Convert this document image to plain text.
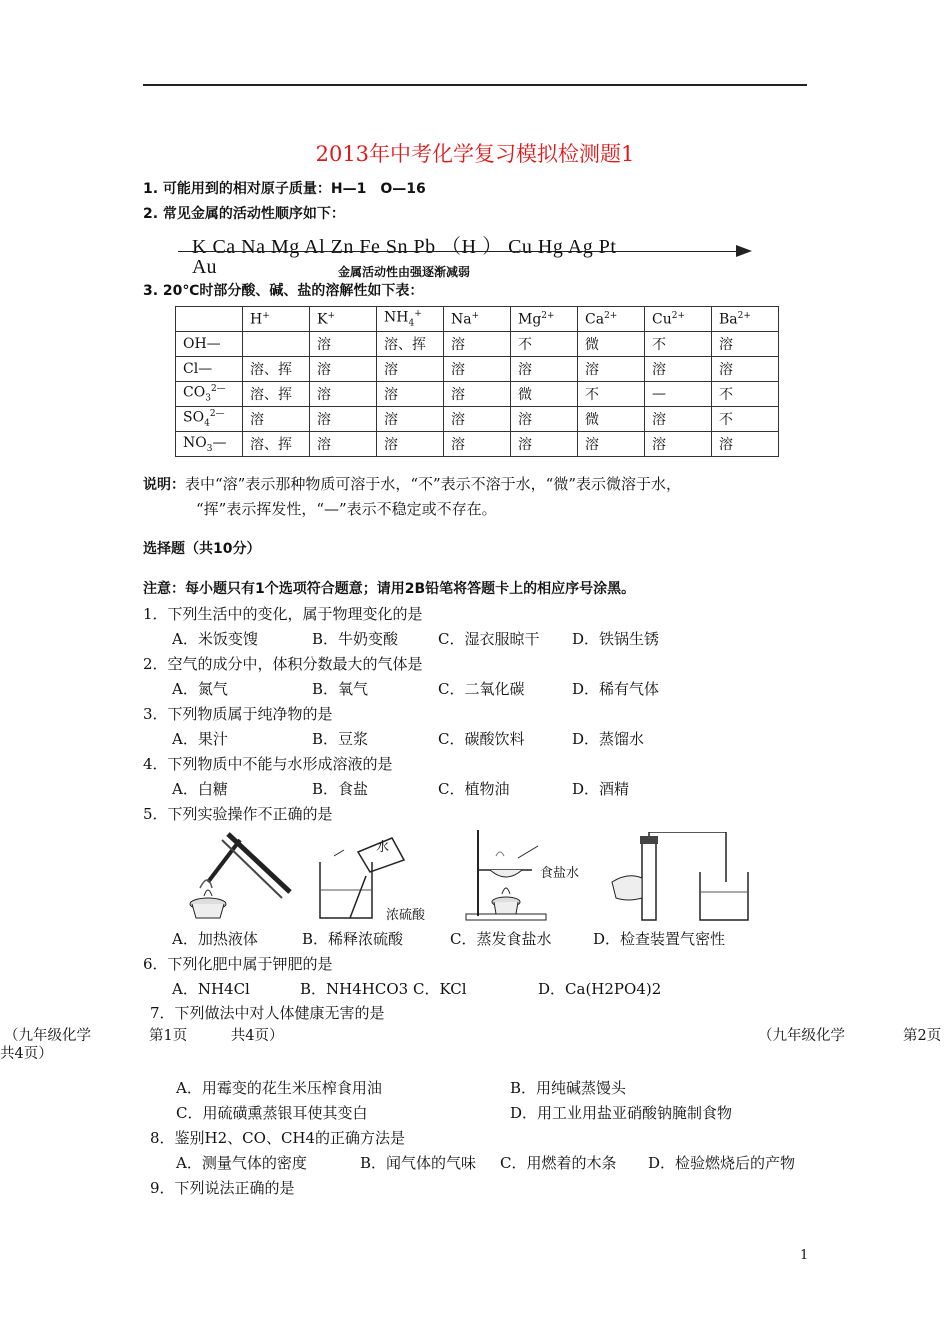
2013年中考化学复习模拟检测题1
1. 可能用到的相对原子质量：H—1　O—16
2. 常见金属的活动性顺序如下：
K Ca Na Mg Al Zn Fe Sn Pb （H ） Cu Hg Ag Pt
Au	金属活动性由强逐渐减弱
3. 20℃时部分酸、碱、盐的溶解性如下表：
	H+	K+	$NH_4^+$	Na+	$Mg^{2+}$	$Ca^{2+}$	$Cu^{2+}$	$Ba^{2+}$
OH—		溶	溶、挥	溶	不	微	不	溶
Cl—	溶、挥	溶	溶	溶	溶	溶	溶	溶
$CO_3^{2—}$	溶、挥	溶	溶	溶	微	不	—	不
$SO_4^{2—}$	溶	溶	溶	溶	溶	微	溶	不
$NO_3—$	溶、挥	溶	溶	溶	溶	溶	溶	溶
说明：表中“溶”表示那种物质可溶于水，“不”表示不溶于水，“微”表示微溶于水，
“挥”表示挥发性，“—”表示不稳定或不存在。
选择题（共10分）
注意：每小题只有1个选项符合题意；请用2B铅笔将答题卡上的相应序号涂黑。
1．下列生活中的变化，属于物理变化的是
A．米饭变馊	B．牛奶变酸	C．湿衣服晾干 D．铁锅生锈
2．空气的成分中，体积分数最大的气体是
A．氮气	B．氧气	C．二氧化碳	D．稀有气体
3．下列物质属于纯净物的是
A．果汁	B．豆浆	C．碳酸饮料	D．蒸馏水
4．下列物质中不能与水形成溶液的是
A．白糖	B．食盐	C．植物油	D．酒精
5．下列实验操作不正确的是
水
浓硫酸
食盐水
A．加热液体	B．稀释浓硫酸	C．蒸发食盐水	D．检查装置气密性
6．下列化肥中属于钾肥的是
A．NH4Cl	B．NH4HCO3 C．KCl	D．Ca(H2PO4)2
7．下列做法中对人体健康无害的是
（九年级化学　　　　第1页　　　共4页）
共4页）
（九年级化学　　　　第2页
A．用霉变的花生米压榨食用油	B．用纯碱蒸馒头
C．用硫磺熏蒸银耳使其变白	D．用工业用盐亚硝酸钠腌制食物
8．鉴别H2、CO、CH4的正确方法是
A．测量气体的密度	B．闻气体的气味 C．用燃着的木条 D．检验燃烧后的产物
9．下列说法正确的是
1
